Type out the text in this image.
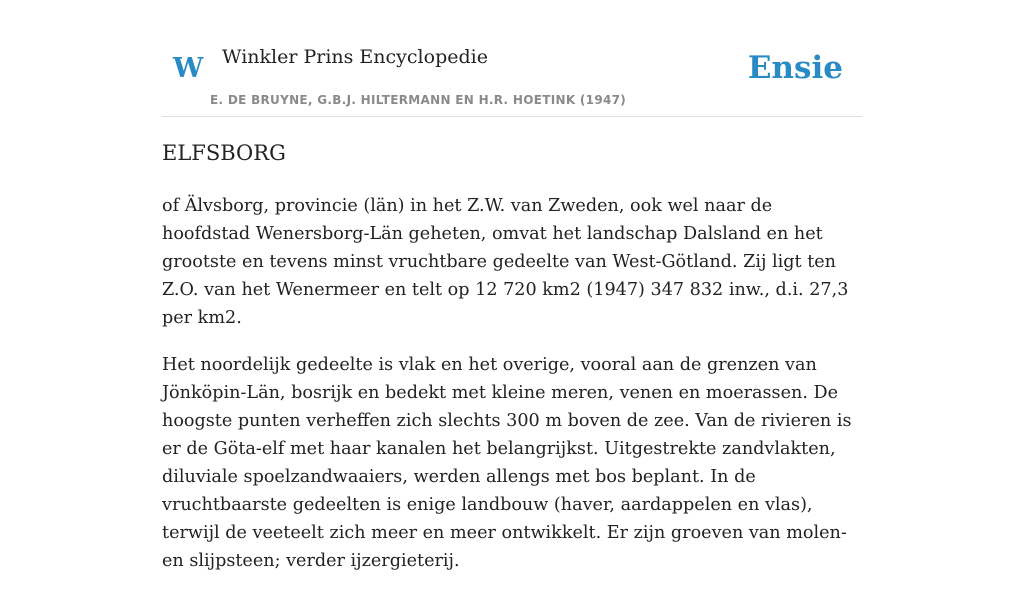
W Winkler Prins Encyclopedie
E. DE BRUYNE, G.B.J. HILTERMANN EN H.R. HOETINK (1947)
Ensie
ELFSBORG

of Älvsborg, provincie (län) in het Z.W. van Zweden, ook wel naar de hoofdstad Wenersborg-Län geheten, omvat het landschap Dalsland en het grootste en tevens minst vruchtbare gedeelte van West-Götland. Zij ligt ten Z.O. van het Wenermeer en telt op 12 720 km2 (1947) 347 832 inw., d.i. 27,3 per km2.

Het noordelijk gedeelte is vlak en het overige, vooral aan de grenzen van Jönköpin-Län, bosrijk en bedekt met kleine meren, venen en moerassen. De hoogste punten verheffen zich slechts 300 m boven de zee. Van de rivieren is er de Göta-elf met haar kanalen het belangrijkst. Uitgestrekte zandvlakten, diluviale spoelzandwaaiers, werden allengs met bos beplant. In de vruchtbaarste gedeelten is enige landbouw (haver, aardappelen en vlas), terwijl de veeteelt zich meer en meer ontwikkelt. Er zijn groeven van molen- en slijpsteen; verder ijzergieterij.
